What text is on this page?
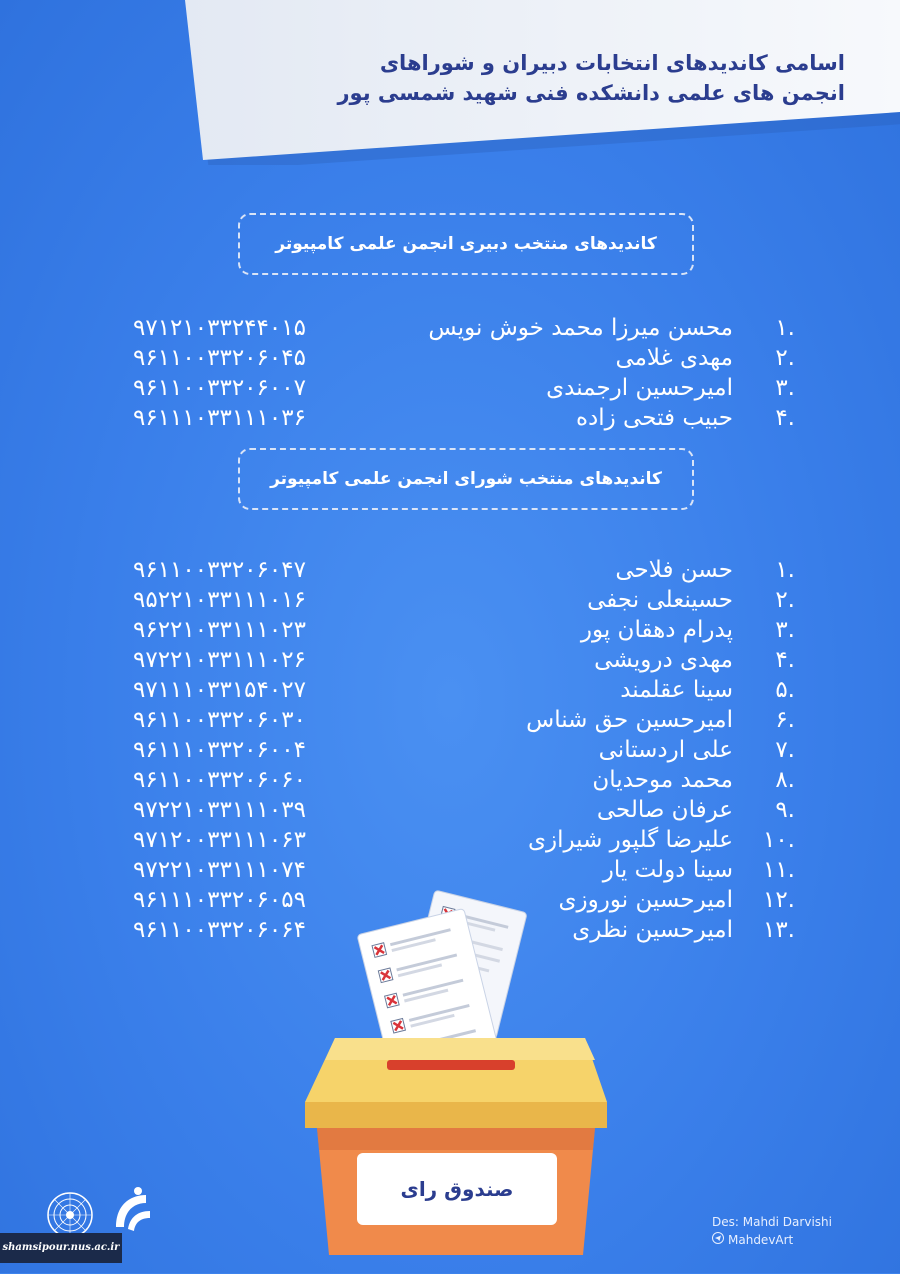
اسامی کاندیدهای انتخابات دبیران و شوراهای
انجمن های علمی دانشکده فنی شهید شمسی پور
کاندیدهای منتخب دبیری انجمن علمی کامپیوتر
۱.
محسن میرزا محمد خوش نویس
۹۷۱۲۱۰۳۳۲۴۴۰۱۵
۲.
مهدی غلامی
۹۶۱۱۰۰۳۳۲۰۶۰۴۵
۳.
امیرحسین ارجمندی
۹۶۱۱۰۰۳۳۲۰۶۰۰۷
۴.
حبیب فتحی زاده
۹۶۱۱۱۰۳۳۱۱۱۰۳۶
کاندیدهای منتخب شورای انجمن علمی کامپیوتر
۱.
حسن فلاحی
۹۶۱۱۰۰۳۳۲۰۶۰۴۷
۲.
حسینعلی نجفی
۹۵۲۲۱۰۳۳۱۱۱۰۱۶
۳.
پدرام دهقان پور
۹۶۲۲۱۰۳۳۱۱۱۰۲۳
۴.
مهدی درویشی
۹۷۲۲۱۰۳۳۱۱۱۰۲۶
۵.
سینا عقلمند
۹۷۱۱۱۰۳۳۱۵۴۰۲۷
۶.
امیرحسین حق شناس
۹۶۱۱۰۰۳۳۲۰۶۰۳۰
۷.
علی اردستانی
۹۶۱۱۱۰۳۳۲۰۶۰۰۴
۸.
محمد موحدیان
۹۶۱۱۰۰۳۳۲۰۶۰۶۰
۹.
عرفان صالحی
۹۷۲۲۱۰۳۳۱۱۱۰۳۹
۱۰.
علیرضا گلپور شیرازی
۹۷۱۲۰۰۳۳۱۱۱۰۶۳
۱۱.
سینا دولت یار
۹۷۲۲۱۰۳۳۱۱۱۰۷۴
۱۲.
امیرحسین نوروزی
۹۶۱۱۱۰۳۳۲۰۶۰۵۹
۱۳.
امیرحسین نظری
۹۶۱۱۰۰۳۳۲۰۶۰۶۴
صندوق رای
shamsipour.nus.ac.ir
Des: Mahdi Darvishi
MahdevArt
